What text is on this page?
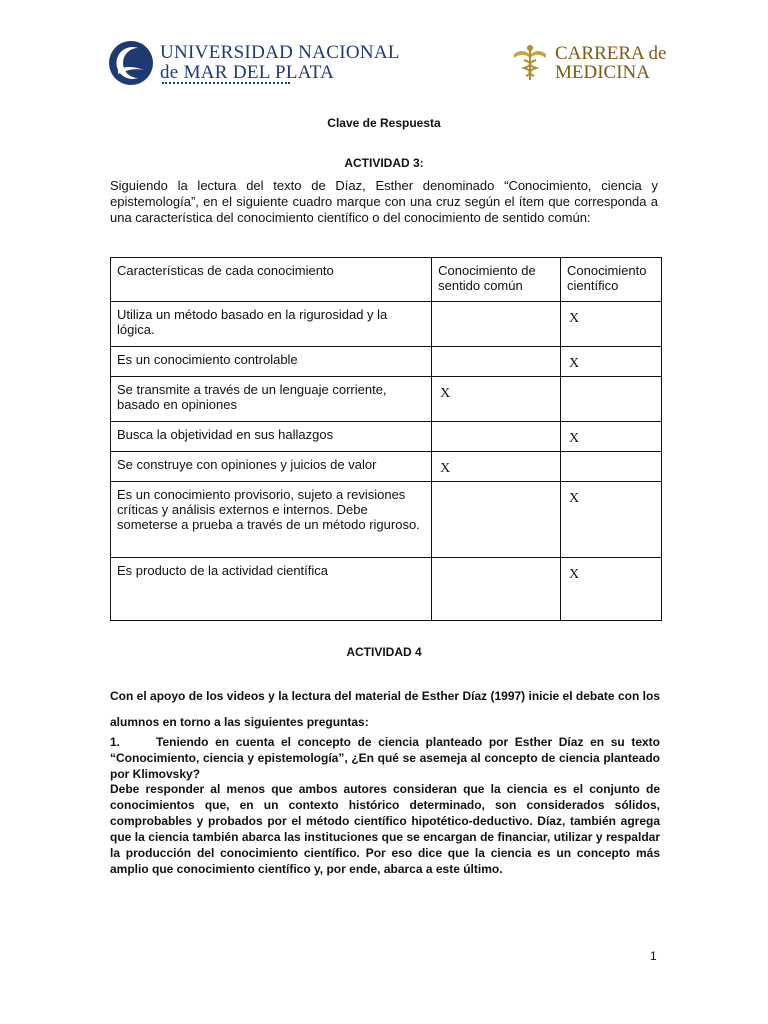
UNIVERSIDAD NACIONAL
de MAR DEL PLATA
CARRERA de
MEDICINA
Clave de Respuesta
ACTIVIDAD 3:
Siguiendo la lectura del texto de Díaz, Esther denominado “Conocimiento, ciencia y epistemología”, en el siguiente cuadro marque con una cruz según el ítem que corresponda a una característica del conocimiento científico o del conocimiento de sentido común:
Características de cada conocimiento	Conocimiento de sentido común	Conocimiento científico
Utiliza un método basado en la rigurosidad y la lógica.		X
Es un conocimiento controlable		X
Se transmite a través de un lenguaje corriente, basado en opiniones	X	
Busca la objetividad en sus hallazgos		X
Se construye con opiniones y juicios de valor	X	
Es un conocimiento provisorio, sujeto a revisiones críticas y análisis externos e internos. Debe someterse a prueba a través de un método riguroso.		X
Es producto de la actividad científica		X
ACTIVIDAD 4
Con el apoyo de los videos y la lectura del material de Esther Díaz (1997) inicie el debate con los alumnos en torno a las siguientes preguntas:
1.	Teniendo en cuenta el concepto de ciencia planteado por Esther Díaz en su texto “Conocimiento, ciencia y epistemología”, ¿En qué se asemeja al concepto de ciencia planteado por Klimovsky?
Debe responder al menos que ambos autores consideran que la ciencia es el conjunto de conocimientos que, en un contexto histórico determinado, son considerados sólidos, comprobables y probados por el método científico hipotético-deductivo. Díaz, también agrega que la ciencia también abarca las instituciones que se encargan de financiar, utilizar y respaldar la producción del conocimiento científico. Por eso dice que la ciencia es un concepto más amplio que conocimiento científico y, por ende, abarca a este último.
1
